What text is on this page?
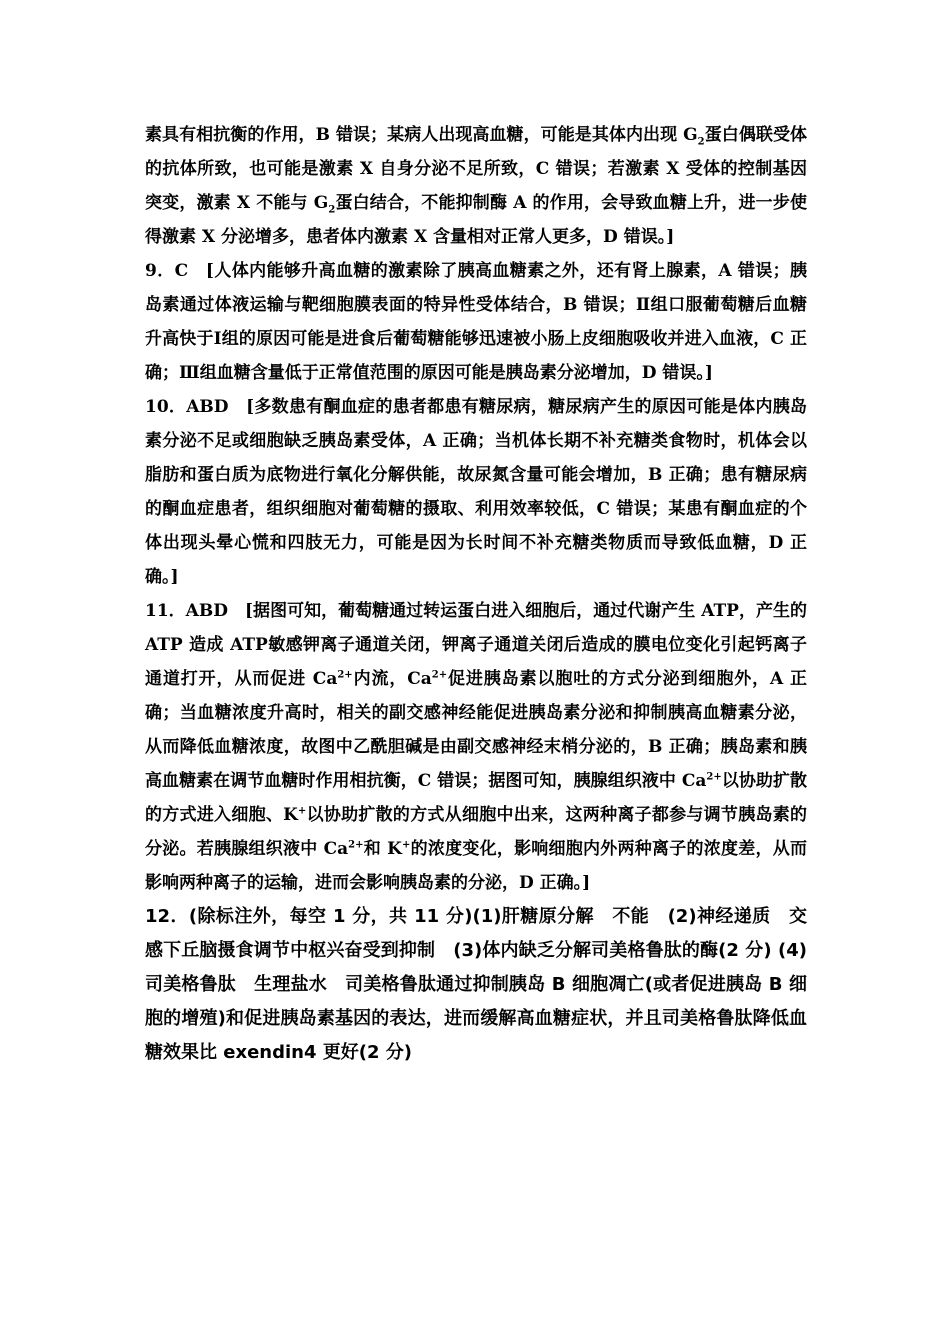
素具有相抗衡的作用，B 错误；某病人出现高血糖，可能是其体内出现 $G_2$蛋白偶联受体的抗体所致，也可能是激素 X 自身分泌不足所致，C 错误；若激素 X 受体的控制基因突变，激素 X 不能与 $G_2$蛋白结合，不能抑制酶 A 的作用，会导致血糖上升，进一步使得激素 X 分泌增多，患者体内激素 X 含量相对正常人更多，D 错误。]

9．C　[人体内能够升高血糖的激素除了胰高血糖素之外，还有肾上腺素，A 错误；胰岛素通过体液运输与靶细胞膜表面的特异性受体结合，B 错误；Ⅱ组口服葡萄糖后血糖升高快于Ⅰ组的原因可能是进食后葡萄糖能够迅速被小肠上皮细胞吸收并进入血液，C 正确；Ⅲ组血糖含量低于正常值范围的原因可能是胰岛素分泌增加，D 错误。]

10．ABD　[多数患有酮血症的患者都患有糖尿病，糖尿病产生的原因可能是体内胰岛素分泌不足或细胞缺乏胰岛素受体，A 正确；当机体长期不补充糖类食物时，机体会以脂肪和蛋白质为底物进行氧化分解供能，故尿氮含量可能会增加，B 正确；患有糖尿病的酮血症患者，组织细胞对葡萄糖的摄取、利用效率较低，C 错误；某患有酮血症的个体出现头晕心慌和四肢无力，可能是因为长时间不补充糖类物质而导致低血糖，D 正确。]

11．ABD　[据图可知，葡萄糖通过转运蛋白进入细胞后，通过代谢产生 ATP，产生的 ATP 造成 ATP敏感钾离子通道关闭，钾离子通道关闭后造成的膜电位变化引起钙离子通道打开，从而促进 $Ca^{2+}$内流，$Ca^{2+}$促进胰岛素以胞吐的方式分泌到细胞外，A 正确；当血糖浓度升高时，相关的副交感神经能促进胰岛素分泌和抑制胰高血糖素分泌，从而降低血糖浓度，故图中乙酰胆碱是由副交感神经末梢分泌的，B 正确；胰岛素和胰高血糖素在调节血糖时作用相抗衡，C 错误；据图可知，胰腺组织液中 $Ca^{2+}$以协助扩散的方式进入细胞、K+以协助扩散的方式从细胞中出来，这两种离子都参与调节胰岛素的分泌。若胰腺组织液中 $Ca^{2+}$和 K+的浓度变化，影响细胞内外两种离子的浓度差，从而影响两种离子的运输，进而会影响胰岛素的分泌，D 正确。]

12．(除标注外，每空 1 分，共 11 分)(1)肝糖原分解　不能　(2)神经递质　交感下丘脑摄食调节中枢兴奋受到抑制　(3)体内缺乏分解司美格鲁肽的酶(2 分) (4)司美格鲁肽　生理盐水　司美格鲁肽通过抑制胰岛 B 细胞凋亡(或者促进胰岛 B 细胞的增殖)和促进胰岛素基因的表达，进而缓解高血糖症状，并且司美格鲁肽降低血糖效果比 exendin4 更好(2 分)
